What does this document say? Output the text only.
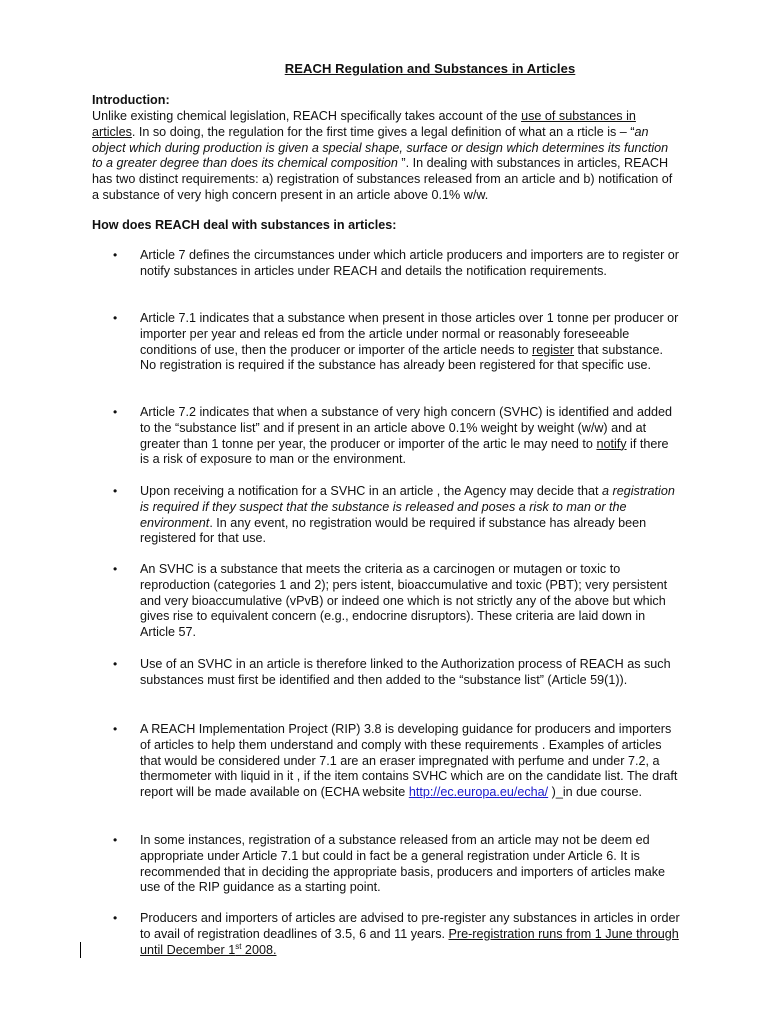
REACH Regulation and Substances in Articles
Introduction:
Unlike existing chemical legislation, REACH specifically takes account of the use of substances in articles. In so doing, the regulation for the first time gives a legal definition of what an a rticle is – “an object which during production is given a special shape, surface or design which determines its function to a greater degree than does its chemical composition ”. In dealing with substances in articles, REACH has two distinct requirements: a) registration of substances released from an article and b) notification of a substance of very high concern present in an article above 0.1% w/w.
How does REACH deal with substances in articles:
• Article 7 defines the circumstances under which article producers and importers are to register or notify substances in articles under REACH and details the notification requirements.
• Article 7.1 indicates that a substance when present in those articles over 1 tonne per producer or importer per year and releas ed from the article under normal or reasonably foreseeable conditions of use, then the producer or importer of the article needs to register that substance. No registration is required if the substance has already been registered for that specific use.
• Article 7.2 indicates that when a substance of very high concern (SVHC) is identified and added to the “substance list” and if present in an article above 0.1% weight by weight (w/w) and at greater than 1 tonne per year, the producer or importer of the artic le may need to notify if there is a risk of exposure to man or the environment.
• Upon receiving a notification for a SVHC in an article , the Agency may decide that a registration is required if they suspect that the substance is released and poses a risk to man or the environment. In any event, no registration would be required if substance has already been registered for that use.
• An SVHC is a substance that meets the criteria as a carcinogen or mutagen or toxic to reproduction (categories 1 and 2); pers istent, bioaccumulative and toxic (PBT); very persistent and very bioaccumulative (vPvB) or indeed one which is not strictly any of the above but which gives rise to equivalent concern (e.g., endocrine disruptors). These criteria are laid down in Article 57.
• Use of an SVHC in an article is therefore linked to the Authorization process of REACH as such substances must first be identified and then added to the “substance list” (Article 59(1)).
• A REACH Implementation Project (RIP) 3.8 is developing guidance for producers and importers of articles to help them understand and comply with these requirements . Examples of articles that would be considered under 7.1 are an eraser impregnated with perfume and under 7.2, a thermometer with liquid in it , if the item contains SVHC which are on the candidate list. The draft report will be made available on (ECHA website http://ec.europa.eu/echa/ )_in due course.
• In some instances, registration of a substance released from an article may not be deem ed appropriate under Article 7.1 but could in fact be a general registration under Article 6. It is recommended that in deciding the appropriate basis, producers and importers of articles make use of the RIP guidance as a starting point.
• Producers and importers of articles are advised to pre-register any substances in articles in order to avail of registration deadlines of 3.5, 6 and 11 years. Pre-registration runs from 1 June through until December 1st 2008.
